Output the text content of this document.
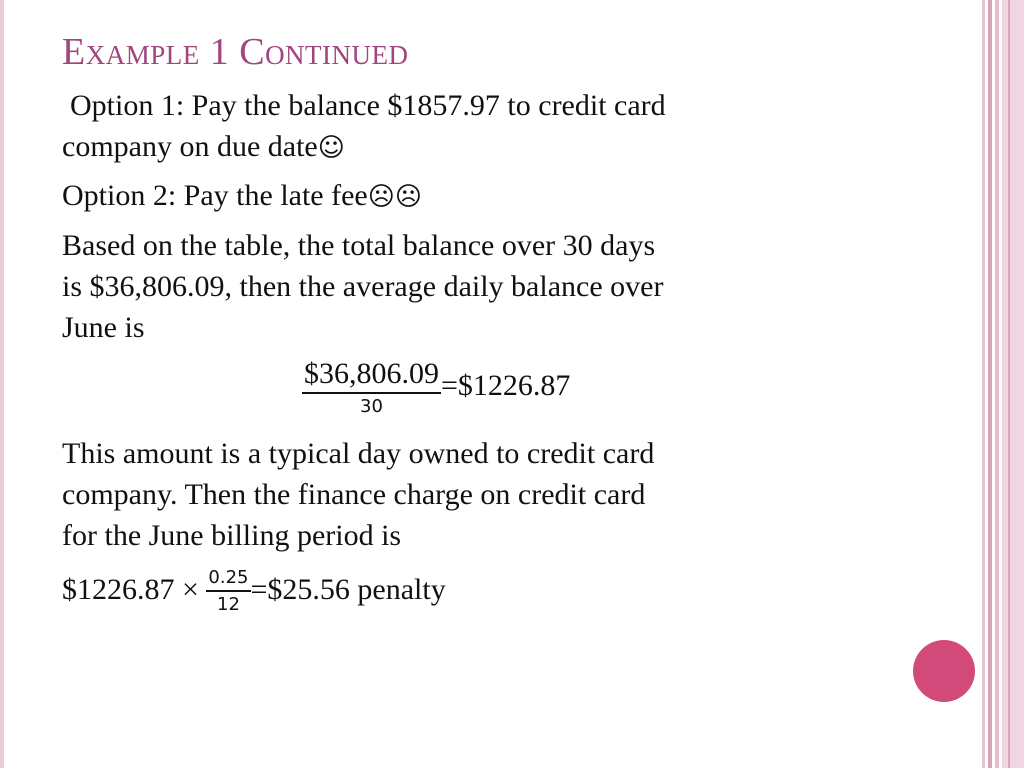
Example 1 Continued
Option 1: Pay the balance $1857.97 to credit card
company on due date☺
Option 2: Pay the late fee☹☹
Based on the table, the total balance over 30 days
is $36,806.09, then the average daily balance over
June is
$\frac{\$36,806.09}{30}$ =$1226.87
This amount is a typical day owned to credit card
company. Then the finance charge on credit card
for the June billing period is
$1226.87 × $\frac{0.25}{12}$ =$25.56 penalty
